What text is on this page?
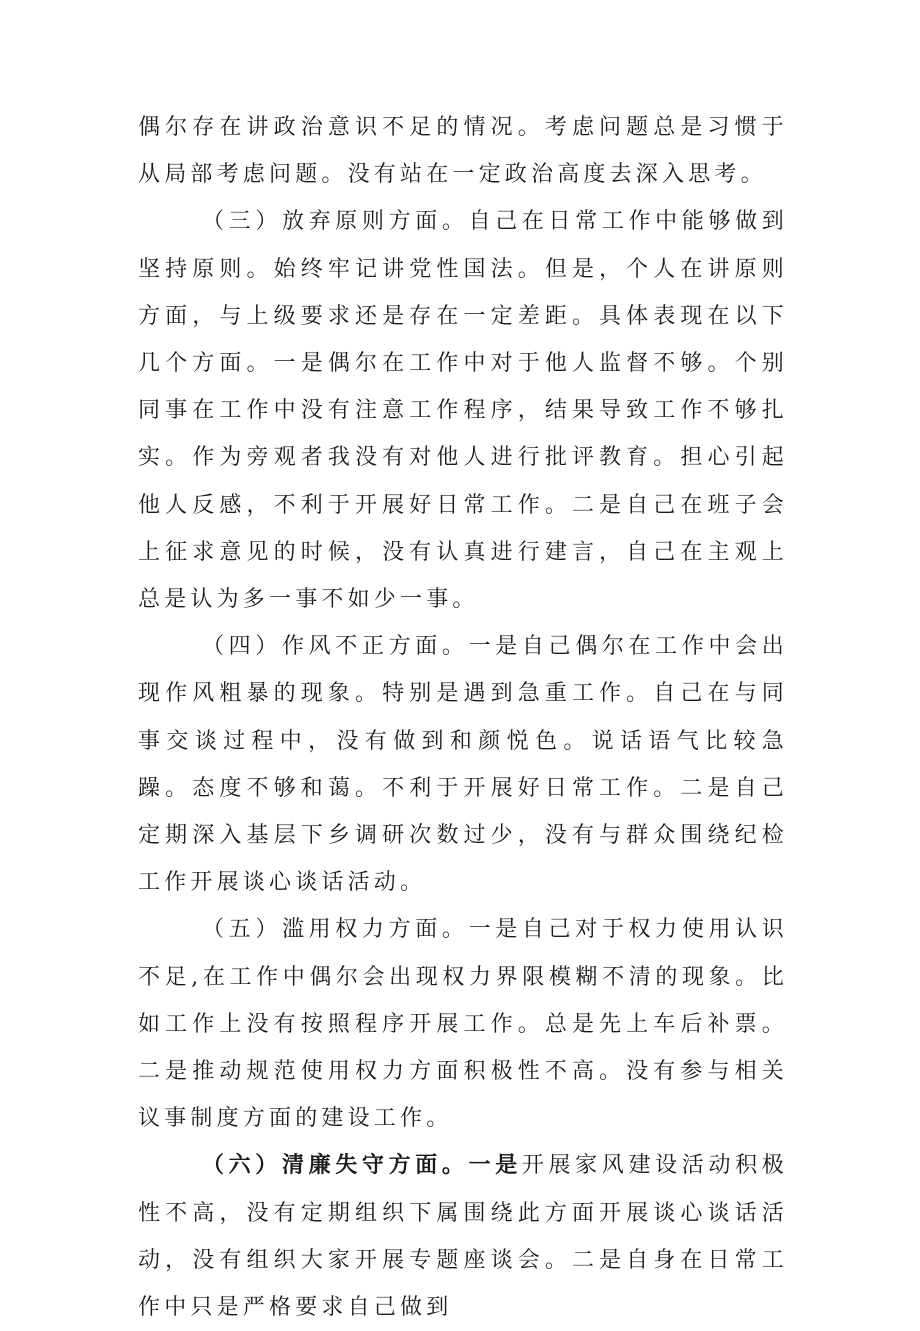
偶尔存在讲政治意识不足的情况。考虑问题总是习惯于从局部考虑问题。没有站在一定政治高度去深入思考。

（三）放弃原则方面。自己在日常工作中能够做到坚持原则。始终牢记讲党性国法。但是，个人在讲原则方面，与上级要求还是存在一定差距。具体表现在以下几个方面。一是偶尔在工作中对于他人监督不够。个别同事在工作中没有注意工作程序，结果导致工作不够扎实。作为旁观者我没有对他人进行批评教育。担心引起他人反感，不利于开展好日常工作。二是自己在班子会上征求意见的时候，没有认真进行建言，自己在主观上总是认为多一事不如少一事。

（四）作风不正方面。一是自己偶尔在工作中会出现作风粗暴的现象。特别是遇到急重工作。自己在与同事交谈过程中，没有做到和颜悦色。说话语气比较急躁。态度不够和蔼。不利于开展好日常工作。二是自己定期深入基层下乡调研次数过少，没有与群众围绕纪检工作开展谈心谈话活动。

（五）滥用权力方面。一是自己对于权力使用认识不足,在工作中偶尔会出现权力界限模糊不清的现象。比如工作上没有按照程序开展工作。总是先上车后补票。二是推动规范使用权力方面积极性不高。没有参与相关议事制度方面的建设工作。

（六）清廉失守方面。一是开展家风建设活动积极性不高，没有定期组织下属围绕此方面开展谈心谈话活动，没有组织大家开展专题座谈会。二是自身在日常工作中只是严格要求自己做到
